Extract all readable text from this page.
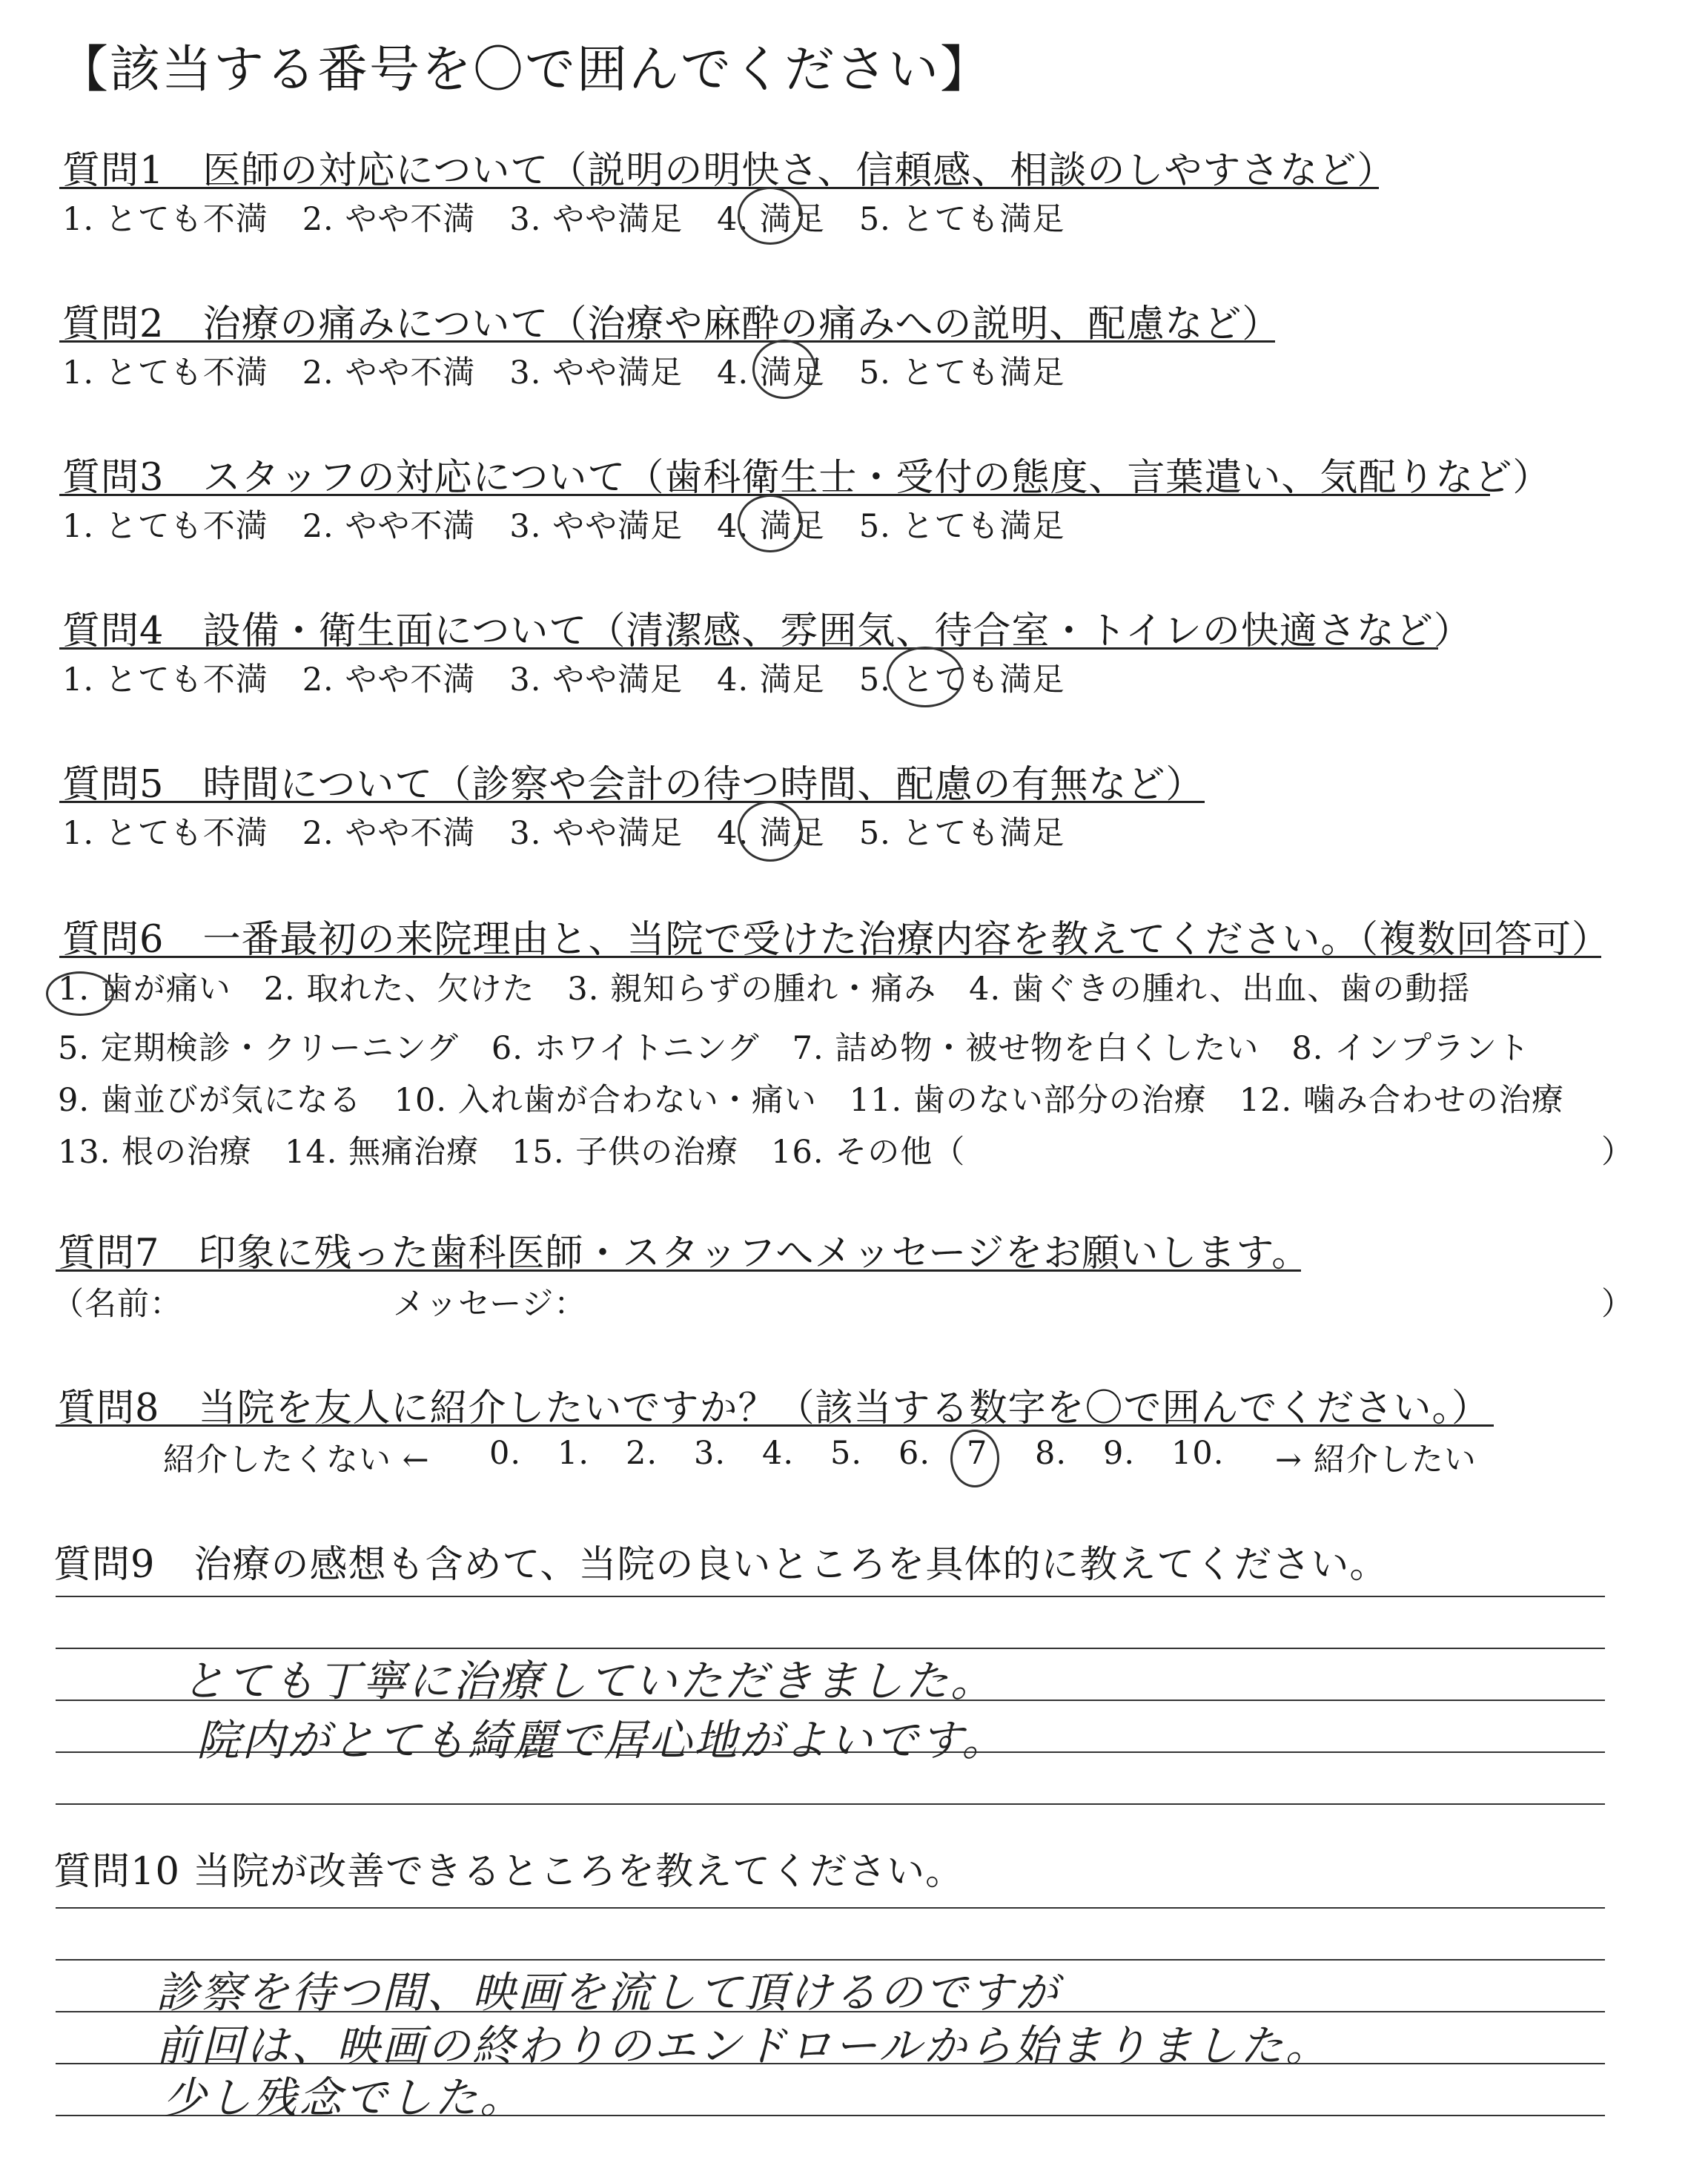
【該当する番号を〇で囲んでください】
質問1　医師の対応について（説明の明快さ、信頼感、相談のしやすさなど）
1. とても不満 2. やや不満 3. やや満足 4. 満足 5. とても満足
質問2　治療の痛みについて（治療や麻酔の痛みへの説明、配慮など）
1. とても不満 2. やや不満 3. やや満足 4. 満足 5. とても満足
質問3　スタッフの対応について（歯科衛生士・受付の態度、言葉遣い、気配りなど）
1. とても不満 2. やや不満 3. やや満足 4. 満足 5. とても満足
質問4　設備・衛生面について（清潔感、雰囲気、待合室・トイレの快適さなど）
1. とても不満 2. やや不満 3. やや満足 4. 満足 5. とても満足
質問5　時間について（診察や会計の待つ時間、配慮の有無など）
1. とても不満 2. やや不満 3. やや満足 4. 満足 5. とても満足
質問6　一番最初の来院理由と、当院で受けた治療内容を教えてください。（複数回答可）
1. 歯が痛い　2. 取れた、欠けた　3. 親知らずの腫れ・痛み　4. 歯ぐきの腫れ、出血、歯の動揺
5. 定期検診・クリーニング　6. ホワイトニング　7. 詰め物・被せ物を白くしたい　8. インプラント
9. 歯並びが気になる　10. 入れ歯が合わない・痛い　11. 歯のない部分の治療　12. 噛み合わせの治療
13. 根の治療　14. 無痛治療　15. 子供の治療　16. その他（	）
質問7　印象に残った歯科医師・スタッフへメッセージをお願いします。
（名前：	メッセージ：	）
質問8　当院を友人に紹介したいですか？（該当する数字を〇で囲んでください。）
紹介したくない ← 0.	1.	2.	3.	4.	5.	6.	7	8.	9.	10.	→ 紹介したい
質問9　治療の感想も含めて、当院の良いところを具体的に教えてください。
とても丁寧に治療していただきました。
院内がとても綺麗で居心地がよいです。
質問10 当院が改善できるところを教えてください。
診察を待つ間、映画を流して頂けるのですが
前回は、映画の終わりのエンドロールから始まりました。
少し残念でした。
